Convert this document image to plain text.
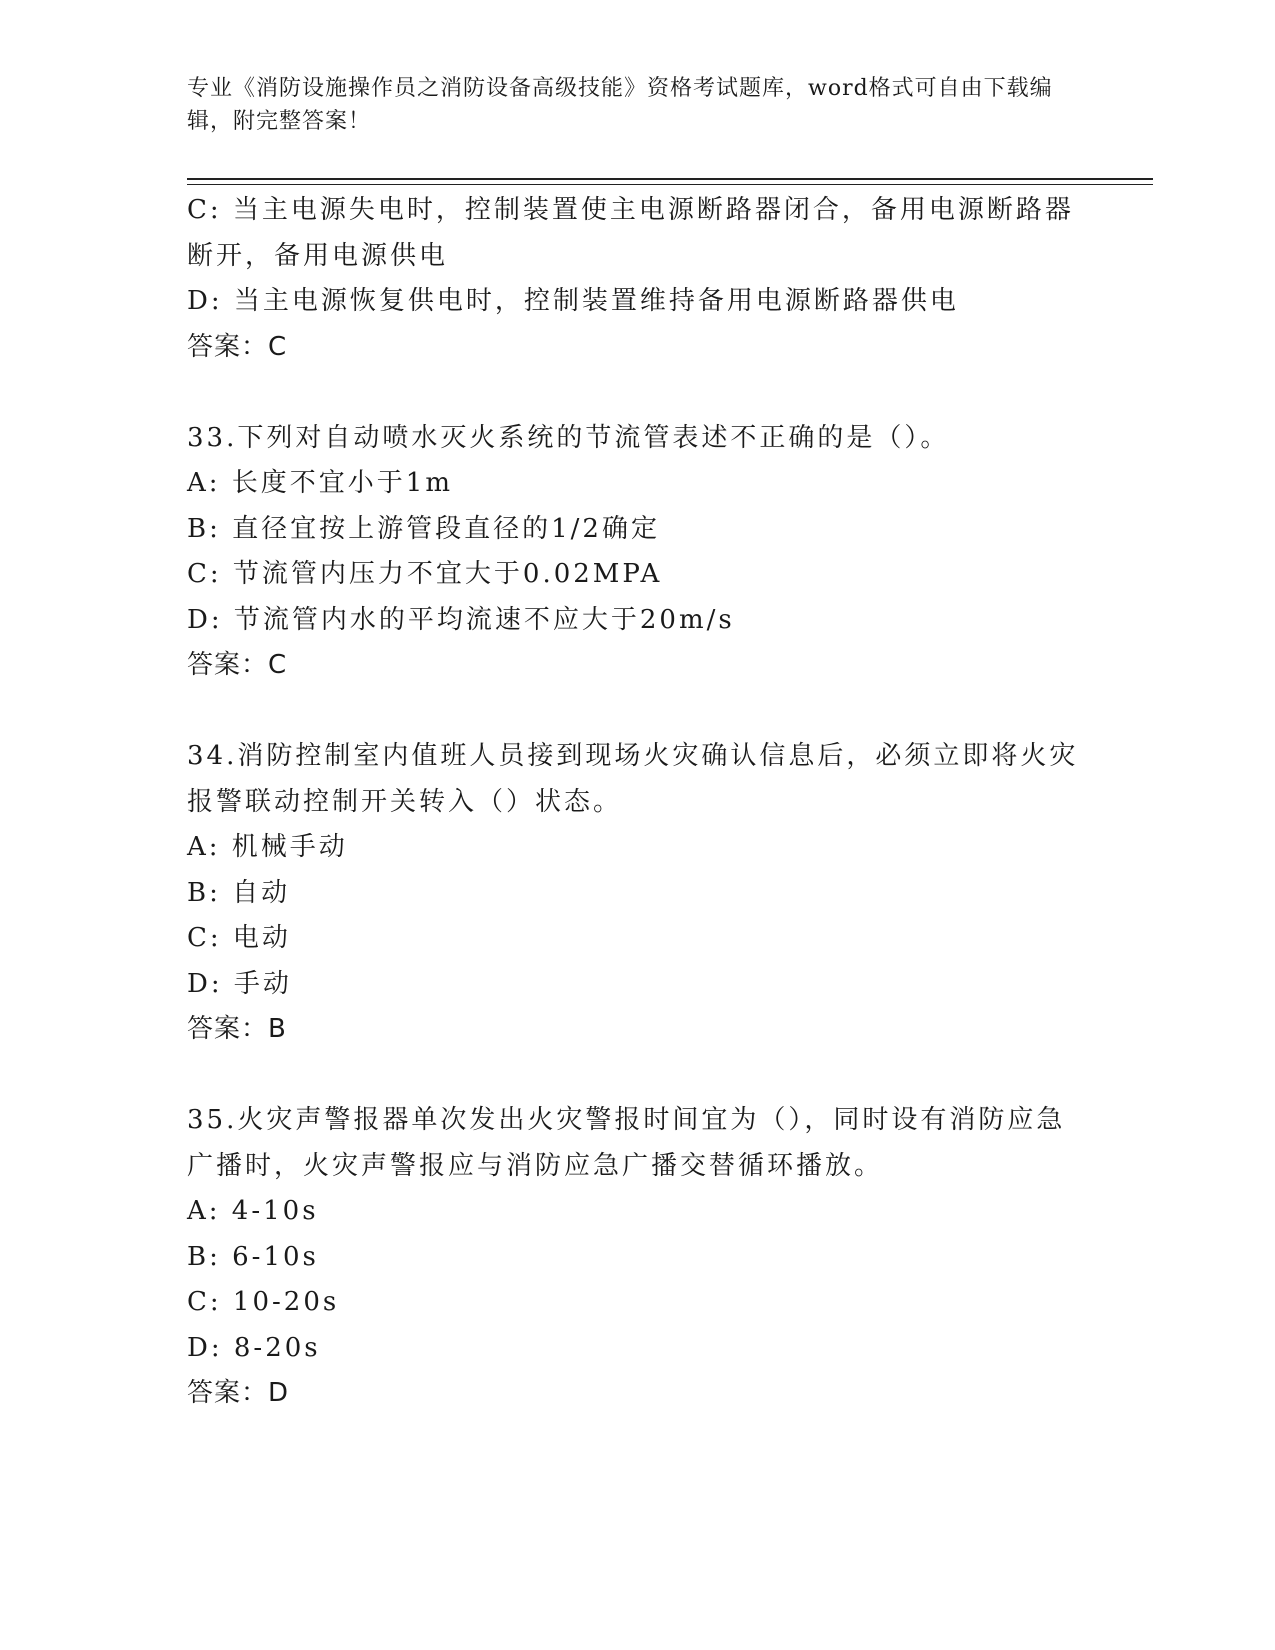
专业《消防设施操作员之消防设备高级技能》资格考试题库，word格式可自由下载编辑，附完整答案！

C: 当主电源失电时，控制装置使主电源断路器闭合，备用电源断路器断开，备用电源供电

D: 当主电源恢复供电时，控制装置维持备用电源断路器供电

答案：C

33.下列对自动喷水灭火系统的节流管表述不正确的是（）。

A: 长度不宜小于1m

B: 直径宜按上游管段直径的1/2确定

C: 节流管内压力不宜大于0.02MPA

D: 节流管内水的平均流速不应大于20m/s

答案：C

34.消防控制室内值班人员接到现场火灾确认信息后，必须立即将火灾报警联动控制开关转入（）状态。

A: 机械手动

B: 自动

C: 电动

D: 手动

答案：B

35.火灾声警报器单次发出火灾警报时间宜为（），同时设有消防应急广播时，火灾声警报应与消防应急广播交替循环播放。

A: 4-10s

B: 6-10s

C: 10-20s

D: 8-20s

答案：D
